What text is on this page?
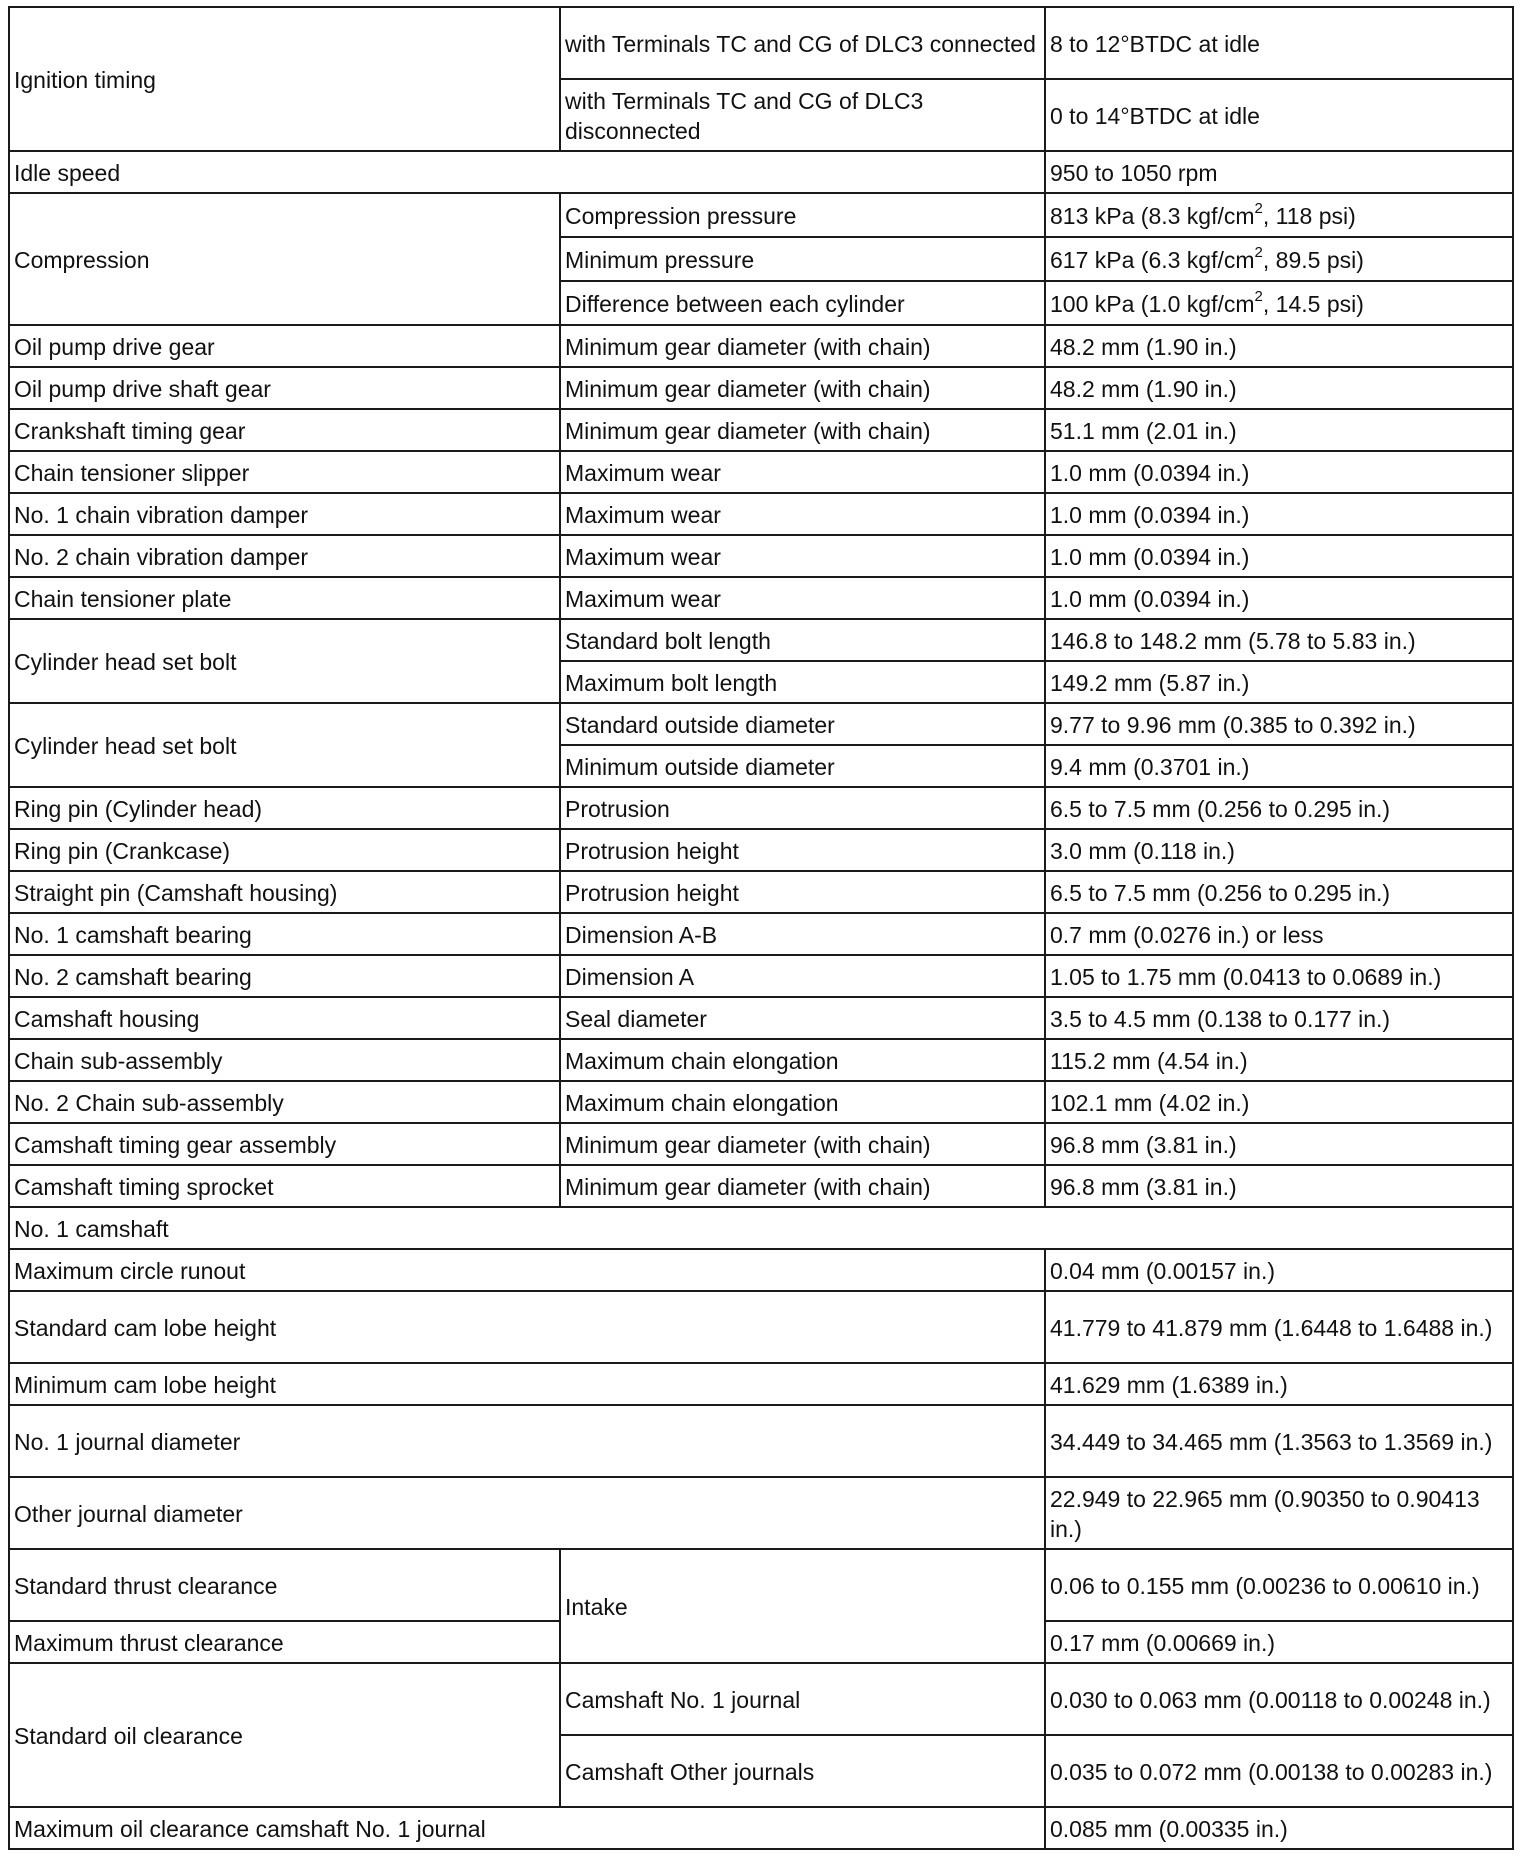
Ignition timing	with Terminals TC and CG of DLC3 connected	8 to 12°BTDC at idle
	with Terminals TC and CG of DLC3 disconnected	0 to 14°BTDC at idle
Idle speed		950 to 1050 rpm
Compression	Compression pressure	813 kPa (8.3 kgf/$cm^2$, 118 psi)
	Minimum pressure	617 kPa (6.3 kgf/$cm^2$, 89.5 psi)
	Difference between each cylinder	100 kPa (1.0 kgf/$cm^2$, 14.5 psi)
Oil pump drive gear	Minimum gear diameter (with chain)	48.2 mm (1.90 in.)
Oil pump drive shaft gear	Minimum gear diameter (with chain)	48.2 mm (1.90 in.)
Crankshaft timing gear	Minimum gear diameter (with chain)	51.1 mm (2.01 in.)
Chain tensioner slipper	Maximum wear	1.0 mm (0.0394 in.)
No. 1 chain vibration damper	Maximum wear	1.0 mm (0.0394 in.)
No. 2 chain vibration damper	Maximum wear	1.0 mm (0.0394 in.)
Chain tensioner plate	Maximum wear	1.0 mm (0.0394 in.)
Cylinder head set bolt	Standard bolt length	146.8 to 148.2 mm (5.78 to 5.83 in.)
	Maximum bolt length	149.2 mm (5.87 in.)
Cylinder head set bolt	Standard outside diameter	9.77 to 9.96 mm (0.385 to 0.392 in.)
	Minimum outside diameter	9.4 mm (0.3701 in.)
Ring pin (Cylinder head)	Protrusion	6.5 to 7.5 mm (0.256 to 0.295 in.)
Ring pin (Crankcase)	Protrusion height	3.0 mm (0.118 in.)
Straight pin (Camshaft housing)	Protrusion height	6.5 to 7.5 mm (0.256 to 0.295 in.)
No. 1 camshaft bearing	Dimension A-B	0.7 mm (0.0276 in.) or less
No. 2 camshaft bearing	Dimension A	1.05 to 1.75 mm (0.0413 to 0.0689 in.)
Camshaft housing	Seal diameter	3.5 to 4.5 mm (0.138 to 0.177 in.)
Chain sub-assembly	Maximum chain elongation	115.2 mm (4.54 in.)
No. 2 Chain sub-assembly	Maximum chain elongation	102.1 mm (4.02 in.)
Camshaft timing gear assembly	Minimum gear diameter (with chain)	96.8 mm (3.81 in.)
Camshaft timing sprocket	Minimum gear diameter (with chain)	96.8 mm (3.81 in.)
No. 1 camshaft		
Maximum circle runout		0.04 mm (0.00157 in.)
Standard cam lobe height		41.779 to 41.879 mm (1.6448 to 1.6488 in.)
Minimum cam lobe height		41.629 mm (1.6389 in.)
No. 1 journal diameter		34.449 to 34.465 mm (1.3563 to 1.3569 in.)
Other journal diameter		22.949 to 22.965 mm (0.90350 to 0.90413 in.)
Standard thrust clearance	Intake	0.06 to 0.155 mm (0.00236 to 0.00610 in.)
Maximum thrust clearance		0.17 mm (0.00669 in.)
Standard oil clearance	Camshaft No. 1 journal	0.030 to 0.063 mm (0.00118 to 0.00248 in.)
	Camshaft Other journals	0.035 to 0.072 mm (0.00138 to 0.00283 in.)
Maximum oil clearance camshaft No. 1 journal		0.085 mm (0.00335 in.)
